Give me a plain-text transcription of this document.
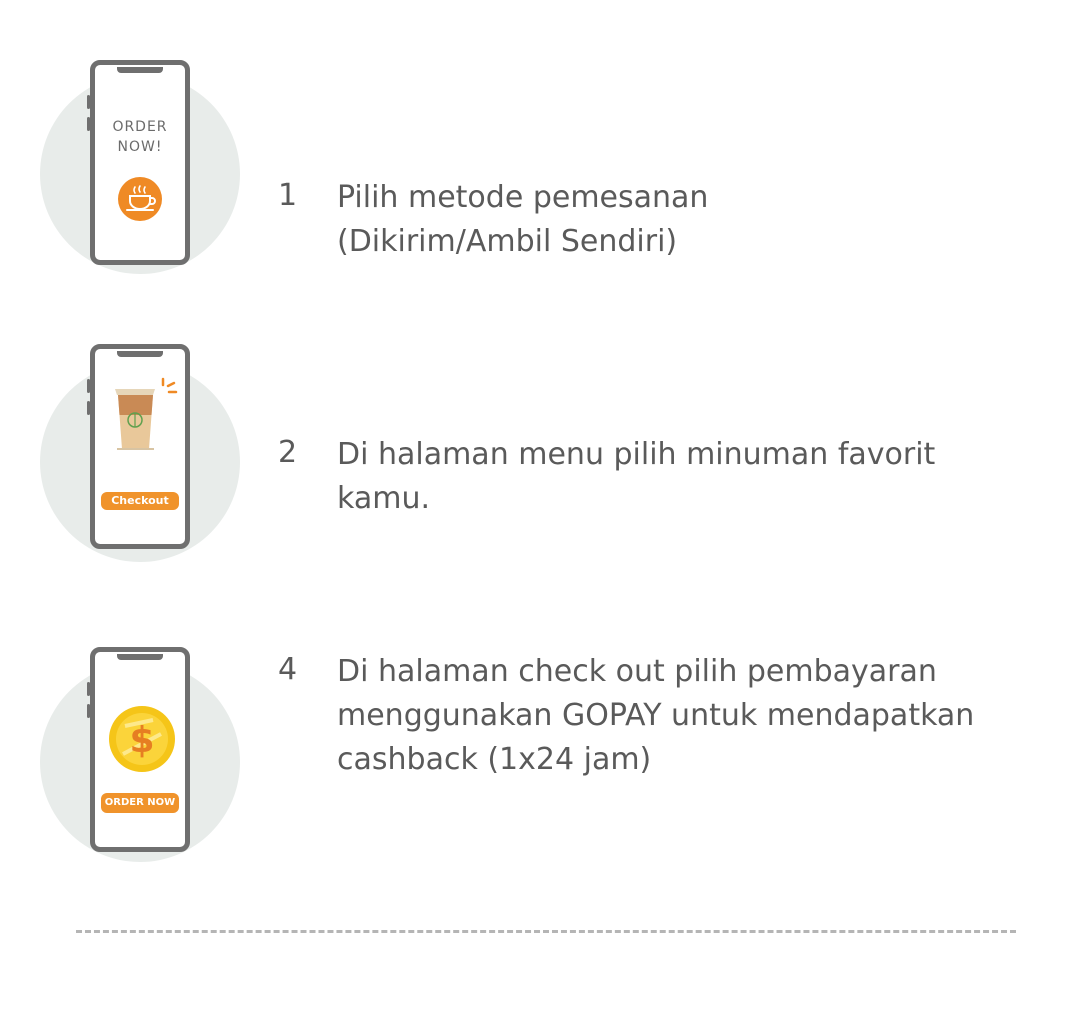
ORDER
NOW!
1 Pilih metode pemesanan
(Dikirim/Ambil Sendiri)
Checkout
2 Di halaman menu pilih minuman favorit
kamu.
$
ORDER NOW
4 Di halaman check out pilih pembayaran
menggunakan GOPAY untuk mendapatkan
cashback (1x24 jam)
